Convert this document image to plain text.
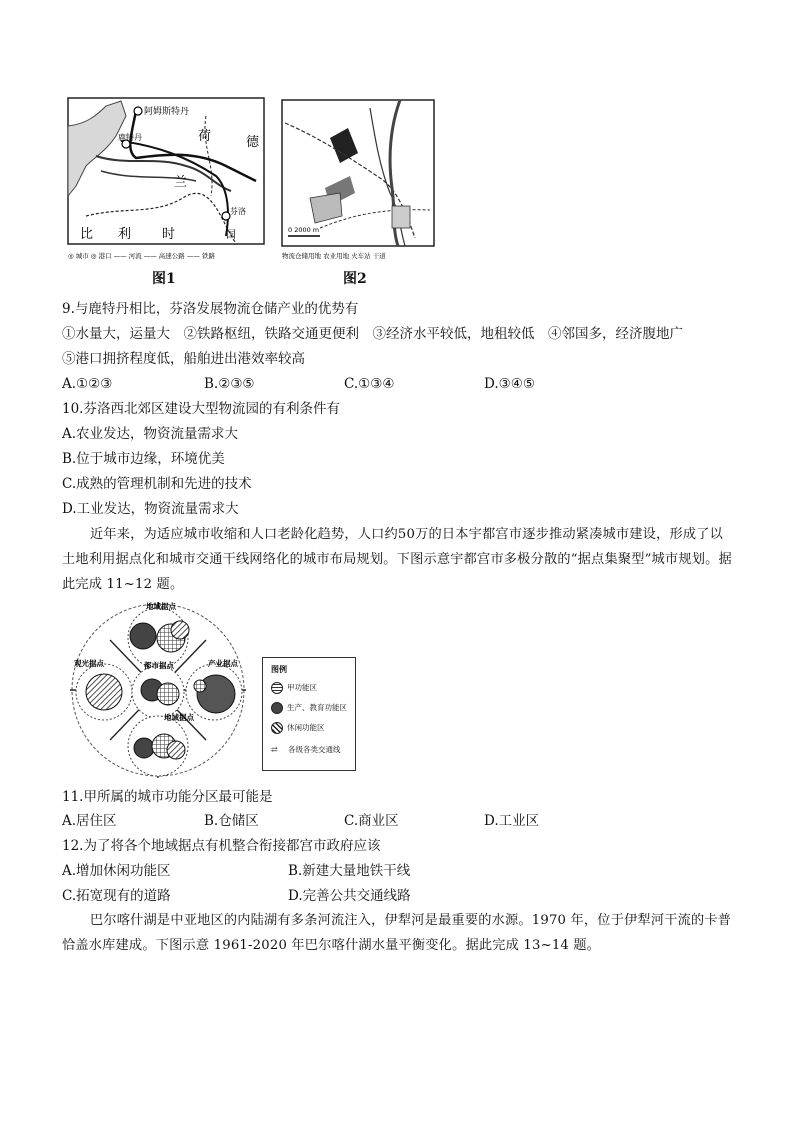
阿姆斯特丹
鹿特丹	荷	德
兰
比 利 时	国
芬洛
◎ 城市 ◎ 港口 —— 河流 —— 高速公路 —— 铁路
图1
0 2000 m
物流仓储用地 农业用地 火车站 干道
图2
9.与鹿特丹相比，芬洛发展物流仓储产业的优势有
①水量大，运量大　②铁路枢纽，铁路交通更便利　③经济水平较低，地租较低　④邻国多，经济腹地广
⑤港口拥挤程度低，船舶进出港效率较高
A.①②③	B.②③⑤	C.①③④	D.③④⑤
10.芬洛西北郊区建设大型物流园的有利条件有
A.农业发达，物资流量需求大
B.位于城市边缘，环境优美
C.成熟的管理机制和先进的技术
D.工业发达，物资流量需求大
近年来，为适应城市收缩和人口老龄化趋势，人口约50万的日本宇都宫市逐步推动紧凑城市建设，形成了以土地利用据点化和城市交通干线网络化的城市布局规划。下图示意宇都宫市多极分散的“据点集聚型”城市规划。据此完成 11~12 题。
地域据点
观光据点	都市据点	产业据点
地域据点
图例
甲功能区
生产、教育功能区
休闲功能区
⇄ 各级各类交通线
11.甲所属的城市功能分区最可能是
A.居住区	B.仓储区	C.商业区	D.工业区
12.为了将各个地域据点有机整合衔接都宫市政府应该
A.增加休闲功能区	B.新建大量地铁干线
C.拓宽现有的道路	D.完善公共交通线路
巴尔喀什湖是中亚地区的内陆湖有多条河流注入，伊犁河是最重要的水源。1970 年，位于伊犁河干流的卡普恰盖水库建成。下图示意 1961-2020 年巴尔喀什湖水量平衡变化。据此完成 13~14 题。
